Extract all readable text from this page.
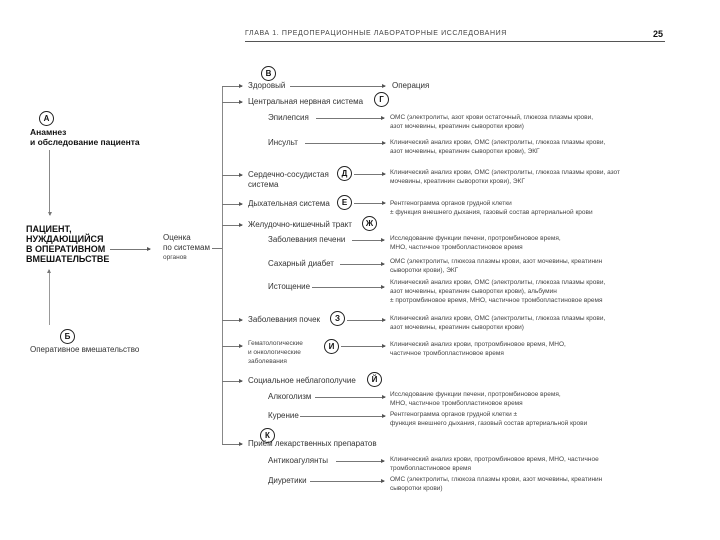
ГЛАВА 1. ПРЕДОПЕРАЦИОННЫЕ ЛАБОРАТОРНЫЕ ИССЛЕДОВАНИЯ	25
А
Анамнез
и обследование пациента
ПАЦИЕНТ,
НУЖДАЮЩИЙСЯ
В ОПЕРАТИВНОМ
ВМЕШАТЕЛЬСТВЕ
Оценка
по системам
органов
Б
Оперативное вмешательство
В
Здоровый	Операция
Центральная нервная система	Г
Эпилепсия	ОМС (электролиты, азот крови остаточный, глюкоза плазмы крови,
азот мочевины, креатинин сыворотки крови)
Инсульт	Клинический анализ крови, ОМС (электролиты, глюкоза плазмы крови,
азот мочевины, креатинин сыворотки крови), ЭКГ
Сердечно-сосудистая
система
Д	Клинический анализ крови, ОМС (электролиты, глюкоза плазмы крови, азот
мочевины, креатинин сыворотки крови), ЭКГ
Дыхательная система	Е	Рентгенограмма органов грудной клетки
± функция внешнего дыхания, газовый состав артериальной крови
Желудочно-кишечный тракт	Ж
Заболевания печени	Исследование функции печени, протромбиновое время,
МНО, частичное тромбопластиновое время
Сахарный диабет	ОМС (электролиты, глюкоза плазмы крови, азот мочевины, креатинин
сыворотки крови), ЭКГ
Истощение	Клинический анализ крови, ОМС (электролиты, глюкоза плазмы крови,
азот мочевины, креатинин сыворотки крови), альбумин
± протромбиновое время, МНО, частичное тромбопластиновое время
Заболевания почек	З	Клинический анализ крови, ОМС (электролиты, глюкоза плазмы крови,
азот мочевины, креатинин сыворотки крови)
Гематологические
и онкологические
заболевания
И	Клинический анализ крови, протромбиновое время, МНО,
частичное тромбопластиновое время
Социальное неблагополучие	Й
Алкоголизм	Исследование функции печени, протромбиновое время,
МНО, частичное тромбопластиновое время
Курение	Рентгенограмма органов грудной клетки ±
функция внешнего дыхания, газовый состав артериальной крови
К
Приём лекарственных препаратов
Антикоагулянты	Клинический анализ крови, протромбиновое время, МНО, частичное
тромбопластиновое время
Диуретики	ОМС (электролиты, глюкоза плазмы крови, азот мочевины, креатинин
сыворотки крови)
